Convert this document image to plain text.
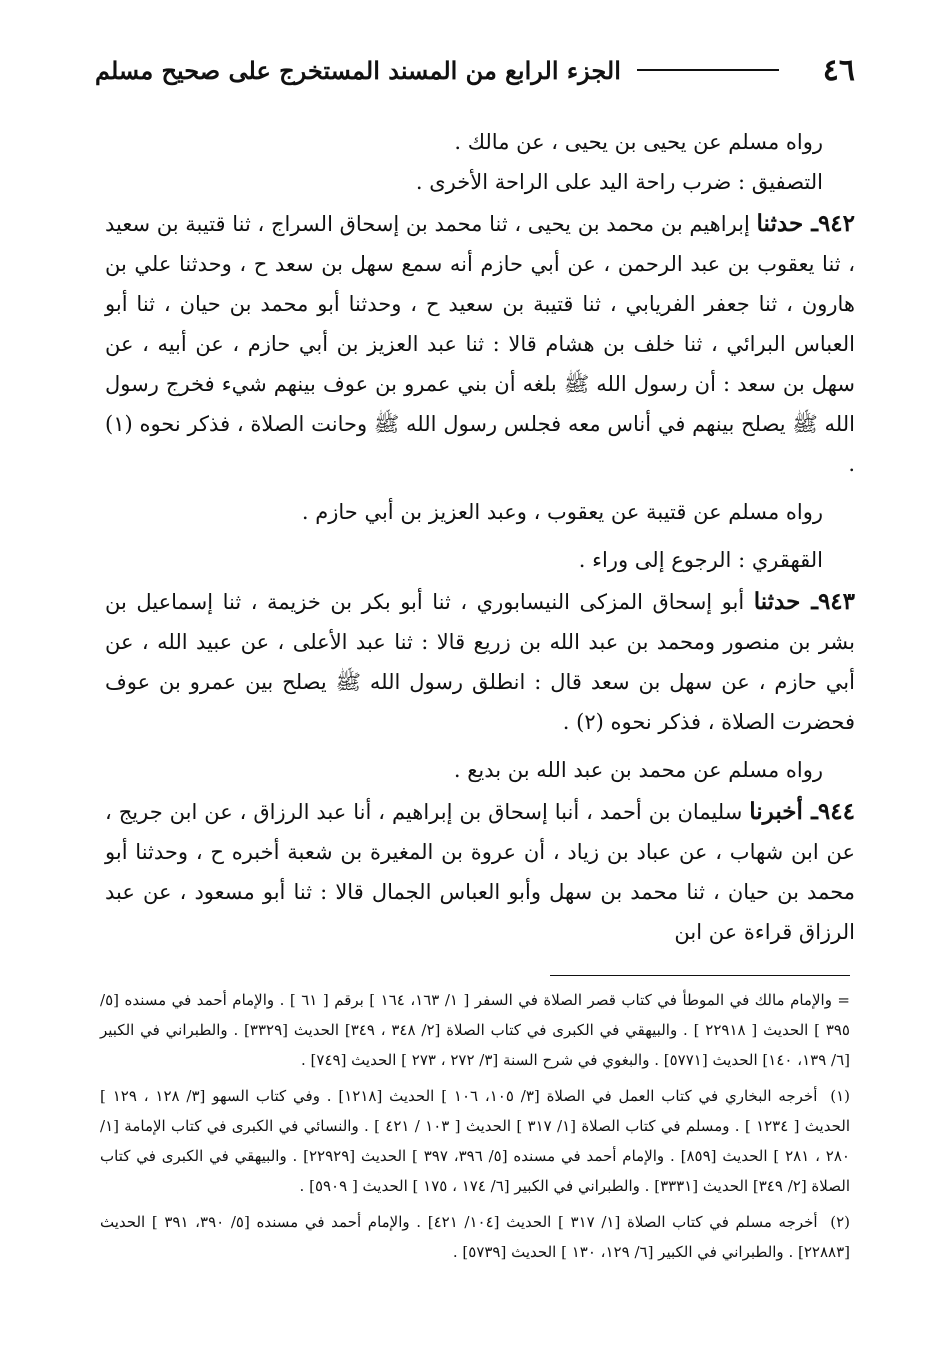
٤٦
الجزء الرابع من المسند المستخرج على صحيح مسلم

رواه مسلم عن يحيى بن يحيى ، عن مالك .

التصفيق : ضرب راحة اليد على الراحة الأخرى .

٩٤٢ـ حدثنا إبراهيم بن محمد بن يحيى ، ثنا محمد بن إسحاق السراج ، ثنا قتيبة بن سعيد ، ثنا يعقوب بن عبد الرحمن ، عن أبي حازم أنه سمع سهل بن سعد ح ، وحدثنا علي بن هارون ، ثنا جعفر الفريابي ، ثنا قتيبة بن سعيد ح ، وحدثنا أبو محمد بن حيان ، ثنا أبو العباس البرائي ، ثنا خلف بن هشام قالا : ثنا عبد العزيز بن أبي حازم ، عن أبيه ، عن سهل بن سعد : أن رسول الله ﷺ بلغه أن بني عمرو بن عوف بينهم شيء فخرج رسول الله ﷺ يصلح بينهم في أناس معه فجلس رسول الله ﷺ وحانت الصلاة ، فذكر نحوه (١) .

رواه مسلم عن قتيبة عن يعقوب ، وعبد العزيز بن أبي حازم .

القهقري : الرجوع إلى وراء .

٩٤٣ـ حدثنا أبو إسحاق المزكى النيسابوري ، ثنا أبو بكر بن خزيمة ، ثنا إسماعيل بن بشر بن منصور ومحمد بن عبد الله بن زريع قالا : ثنا عبد الأعلى ، عن عبيد الله ، عن أبي حازم ، عن سهل بن سعد قال : انطلق رسول الله ﷺ يصلح بين عمرو بن عوف فحضرت الصلاة ، فذكر نحوه (٢) .

رواه مسلم عن محمد بن عبد الله بن بديع .

٩٤٤ـ أخبرنا سليمان بن أحمد ، أنبا إسحاق بن إبراهيم ، أنا عبد الرزاق ، عن ابن جريج ، عن ابن شهاب ، عن عباد بن زياد ، أن عروة بن المغيرة بن شعبة أخبره ح ، وحدثنا أبو محمد بن حيان ، ثنا محمد بن سهل وأبو العباس الجمال قالا : ثنا أبو مسعود ، عن عبد الرزاق قراءة عن ابن

= والإمام مالك في الموطأ في كتاب قصر الصلاة في السفر [ ١/ ١٦٣، ١٦٤ ] برقم [ ٦١ ] . والإمام أحمد في مسنده [٥/ ٣٩٥ ] الحديث [ ٢٢٩١٨ ] . والبيهقي في الكبرى في كتاب الصلاة [٢/ ٣٤٨ ، ٣٤٩] الحديث [٣٣٢٩] . والطبراني في الكبير [٦/ ١٣٩، ١٤٠] الحديث [٥٧٧١] . والبغوي في شرح السنة [٣/ ٢٧٢ ، ٢٧٣ ] الحديث [٧٤٩] .

(١) أخرجه البخاري في كتاب العمل في الصلاة [٣/ ١٠٥، ١٠٦ ] الحديث [١٢١٨] . وفي كتاب السهو [٣/ ١٢٨ ، ١٢٩ ] الحديث [ ١٢٣٤ ] . ومسلم في كتاب الصلاة [١/ ٣١٧ ] الحديث [ ١٠٣ / ٤٢١ ] . والنسائي في الكبرى في كتاب الإمامة [١/ ٢٨٠ ، ٢٨١ ] الحديث [٨٥٩] . والإمام أحمد في مسنده [٥/ ٣٩٦، ٣٩٧ ] الحديث [٢٢٩٢٩] . والبيهقي في الكبرى في كتاب الصلاة [٢/ ٣٤٩] الحديث [٣٣٣١] . والطبراني في الكبير [٦/ ١٧٤ ، ١٧٥ ] الحديث [ ٥٩٠٩] .

(٢) أخرجه مسلم في كتاب الصلاة [١/ ٣١٧ ] الحديث [١٠٤/ ٤٢١] . والإمام أحمد في مسنده [٥/ ٣٩٠، ٣٩١ ] الحديث [٢٢٨٨٣] . والطبراني في الكبير [٦/ ١٢٩، ١٣٠ ] الحديث [٥٧٣٩] .
